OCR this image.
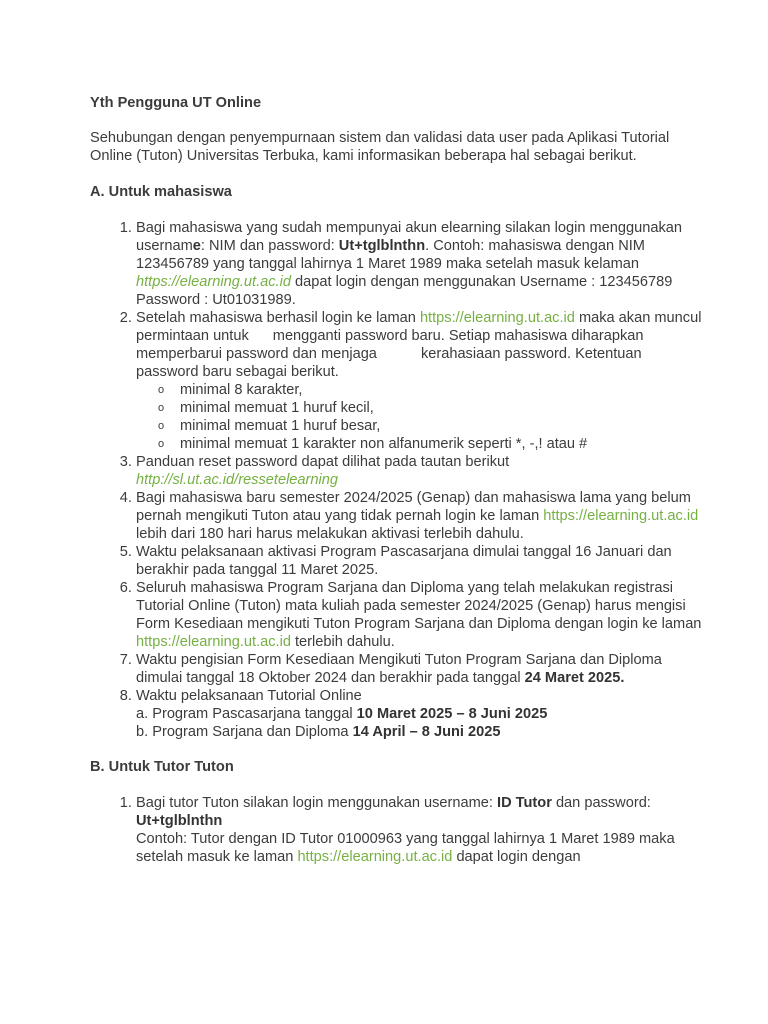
Yth Pengguna UT Online

Sehubungan dengan penyempurnaan sistem dan validasi data user pada Aplikasi Tutorial Online (Tuton) Universitas Terbuka, kami informasikan beberapa hal sebagai berikut.

A. Untuk mahasiswa

1. Bagi mahasiswa yang sudah mempunyai akun elearning silakan login menggunakan username: NIM dan password: Ut+tglblnthn. Contoh: mahasiswa dengan NIM 123456789 yang tanggal lahirnya 1 Maret 1989 maka setelah masuk kelaman https://elearning.ut.ac.id dapat login dengan menggunakan Username : 123456789 Password : Ut01031989.
2. Setelah mahasiswa berhasil login ke laman https://elearning.ut.ac.id maka akan muncul permintaan untuk mengganti password baru. Setiap mahasiswa diharapkan memperbarui password dan menjaga	kerahasiaan password. Ketentuan password baru sebagai berikut.
o minimal 8 karakter,
o minimal memuat 1 huruf kecil,
o minimal memuat 1 huruf besar,
o minimal memuat 1 karakter non alfanumerik seperti *, -,! atau #
3. Panduan reset password dapat dilihat pada tautan berikut http://sl.ut.ac.id/ressetelearning
4. Bagi mahasiswa baru semester 2024/2025 (Genap) dan mahasiswa lama yang belum pernah mengikuti Tuton atau yang tidak pernah login ke laman https://elearning.ut.ac.id lebih dari 180 hari harus melakukan aktivasi terlebih dahulu.
5. Waktu pelaksanaan aktivasi Program Pascasarjana dimulai tanggal 16 Januari dan berakhir pada tanggal 11 Maret 2025.
6. Seluruh mahasiswa Program Sarjana dan Diploma yang telah melakukan registrasi Tutorial Online (Tuton) mata kuliah pada semester 2024/2025 (Genap) harus mengisi Form Kesediaan mengikuti Tuton Program Sarjana dan Diploma dengan login ke laman https://elearning.ut.ac.id terlebih dahulu.
7. Waktu pengisian Form Kesediaan Mengikuti Tuton Program Sarjana dan Diploma dimulai tanggal 18 Oktober 2024 dan berakhir pada tanggal 24 Maret 2025.
8. Waktu pelaksanaan Tutorial Online
a. Program Pascasarjana tanggal 10 Maret 2025 – 8 Juni 2025
b. Program Sarjana dan Diploma 14 April – 8 Juni 2025

B. Untuk Tutor Tuton

1. Bagi tutor Tuton silakan login menggunakan username: ID Tutor dan password: Ut+tglblnthn
Contoh: Tutor dengan ID Tutor 01000963 yang tanggal lahirnya 1 Maret 1989 maka setelah masuk ke laman https://elearning.ut.ac.id dapat login dengan
